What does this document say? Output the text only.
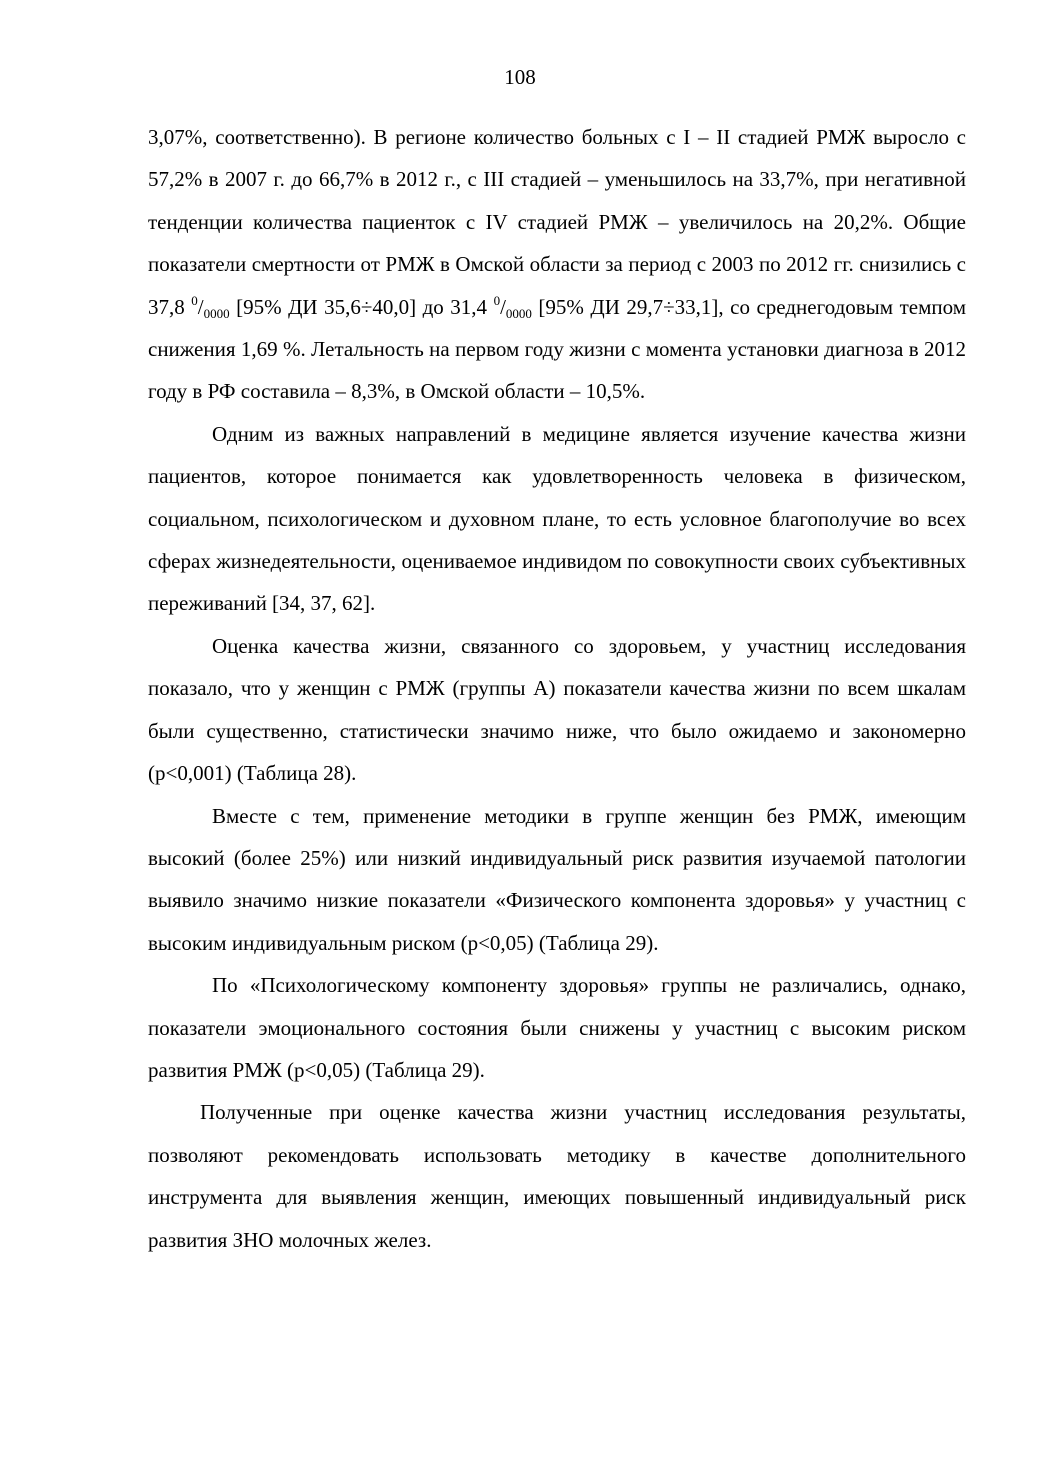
108

3,07%, соответственно). В регионе количество больных с I – II стадией РМЖ выросло с 57,2% в 2007 г. до 66,7% в 2012 г., с III стадией – уменьшилось на 33,7%, при негативной тенденции количества пациенток с IV стадией РМЖ – увеличилось на 20,2%. Общие показатели смертности от РМЖ в Омской области за период с 2003 по 2012 гг. снизились с 37,8 $^0/_{0000}$ [95% ДИ 35,6÷40,0] до 31,4 $^0/_{0000}$ [95% ДИ 29,7÷33,1], со среднегодовым темпом снижения 1,69 %. Летальность на первом году жизни с момента установки диагноза в 2012 году в РФ составила – 8,3%, в Омской области – 10,5%.

Одним из важных направлений в медицине является изучение качества жизни пациентов, которое понимается как удовлетворенность человека в физическом, социальном, психологическом и духовном плане, то есть условное благополучие во всех сферах жизнедеятельности, оцениваемое индивидом по совокупности своих субъективных переживаний [34, 37, 62].

Оценка качества жизни, связанного со здоровьем, у участниц исследования показало, что у женщин с РМЖ (группы А) показатели качества жизни по всем шкалам были существенно, статистически значимо ниже, что было ожидаемо и закономерно (р<0,001) (Таблица 28).

Вместе с тем, применение методики в группе женщин без РМЖ, имеющим высокий (более 25%) или низкий индивидуальный риск развития изучаемой патологии выявило значимо низкие показатели «Физического компонента здоровья» у участниц с высоким индивидуальным риском (р<0,05) (Таблица 29).

По «Психологическому компоненту здоровья» группы не различались, однако, показатели эмоционального состояния были снижены у участниц с высоким риском развития РМЖ (р<0,05) (Таблица 29).

Полученные при оценке качества жизни участниц исследования результаты, позволяют рекомендовать использовать методику в качестве дополнительного инструмента для выявления женщин, имеющих повышенный индивидуальный риск развития ЗНО молочных желез.
